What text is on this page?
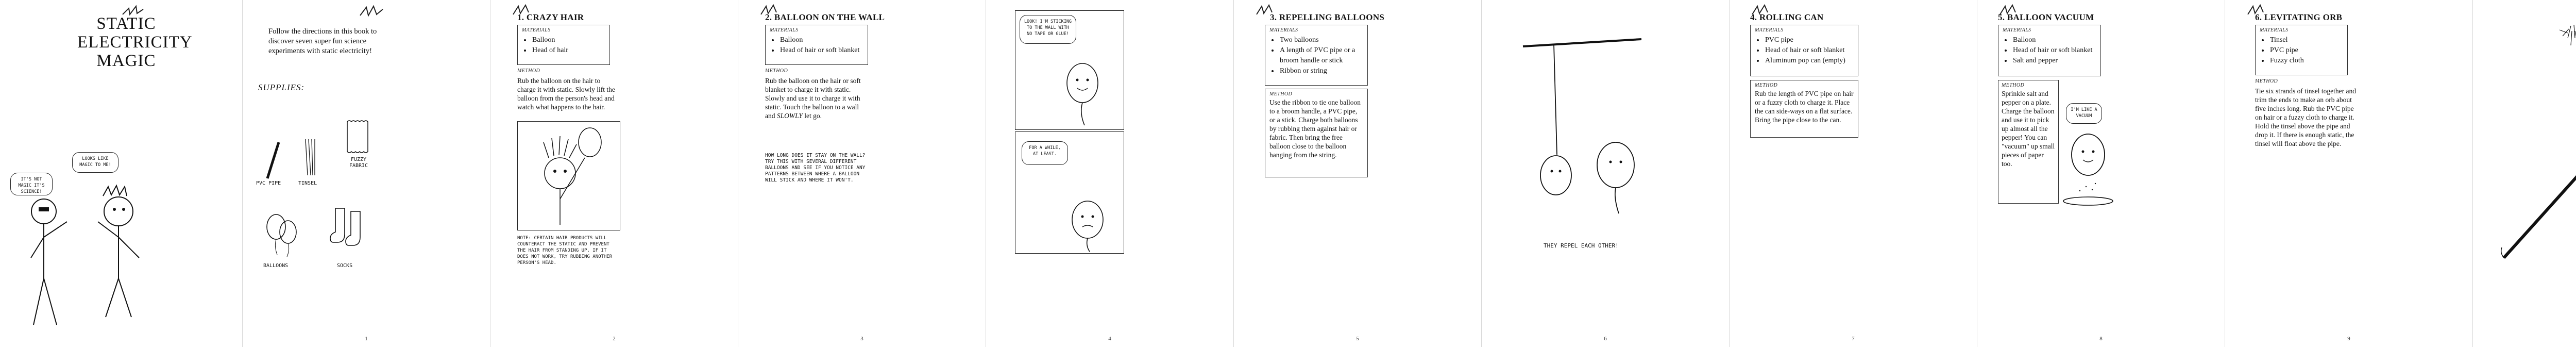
STATIC ELECTRICITY MAGIC
IT'S NOT MAGIC IT'S SCIENCE!
LOOKS LIKE MAGIC TO ME!
Follow the directions in this book to discover seven super fun science experiments with static electricity!
SUPPLIES:
PVC PIPE	TINSEL
FUZZY FABRIC
BALLOONS	SOCKS
1
1. CRAZY HAIR
MATERIALS
• Balloon
• Head of hair
METHOD
Rub the balloon on the hair to charge it with static. Slowly lift the balloon from the person's head and watch what happens to the hair.
NOTE: CERTAIN HAIR PRODUCTS WILL COUNTERACT THE STATIC AND PREVENT THE HAIR FROM STANDING UP. IF IT DOES NOT WORK, TRY RUBBING ANOTHER PERSON'S HEAD.
2
2. BALLOON ON THE WALL
MATERIALS
• Balloon
• Head of hair or soft blanket
METHOD
Rub the balloon on the hair or soft blanket to charge it with static. Slowly and use it to charge it with static. Touch the balloon to a wall and SLOWLY let go.
HOW LONG DOES IT STAY ON THE WALL? TRY THIS WITH SEVERAL DIFFERENT BALLOONS AND SEE IF YOU NOTICE ANY PATTERNS BETWEEN WHERE A BALLOON WILL STICK AND WHERE IT WON'T.
3
LOOK! I'M STICKING TO THE WALL WITH NO TAPE OR GLUE!
FOR A WHILE, AT LEAST.
4
3. REPELLING BALLOONS
MATERIALS
• Two balloons
• A length of PVC pipe or a broom handle or stick
• Ribbon or string
METHOD
Use the ribbon to tie one balloon to a broom handle, a PVC pipe, or a stick. Charge both balloons by rubbing them against hair or fabric. Then bring the free balloon close to the balloon hanging from the string.
5
THEY REPEL EACH OTHER!
6
4. ROLLING CAN
MATERIALS
• PVC pipe
• Head of hair or soft blanket
• Aluminum pop can (empty)
METHOD
Rub the length of PVC pipe on hair or a fuzzy cloth to charge it. Place the can side-ways on a flat surface. Bring the pipe close to the can.
7
5. BALLOON VACUUM
MATERIALS
• Balloon
• Head of hair or soft blanket
• Salt and pepper
METHOD
Sprinkle salt and pepper on a plate. Charge the balloon and use it to pick up almost all the pepper! You can "vacuum" up small pieces of paper too.
I'M LIKE A VACUUM
8
6. LEVITATING ORB
MATERIALS
• Tinsel
• PVC pipe
• Fuzzy cloth
METHOD
Tie six strands of tinsel together and trim the ends to make an orb about five inches long. Rub the PVC pipe on hair or a fuzzy cloth to charge it. Hold the tinsel above the pipe and drop it. If there is enough static, the tinsel will float above the pipe.
9
